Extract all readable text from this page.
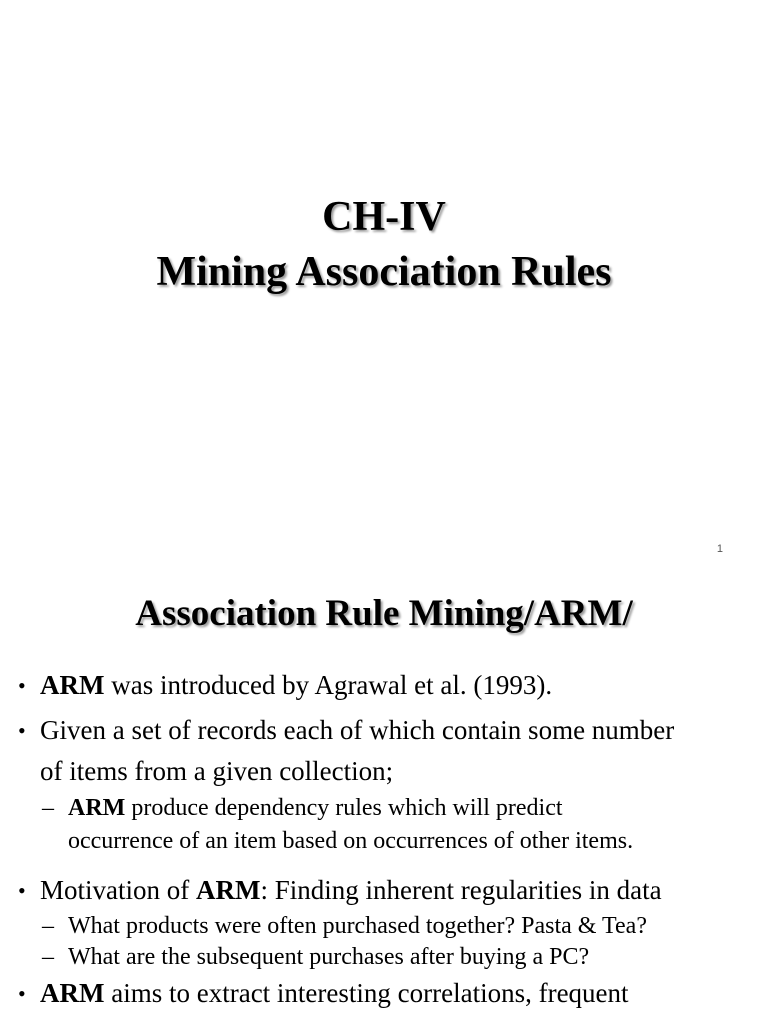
CH-IV
Mining Association Rules
1
Association Rule Mining/ARM/
• ARM was introduced by Agrawal et al. (1993).
• Given a set of records each of which contain some number
of items from a given collection;
– ARM produce dependency rules which will predict
occurrence of an item based on occurrences of other items.
• Motivation of ARM: Finding inherent regularities in data
– What products were often purchased together? Pasta & Tea?
– What are the subsequent purchases after buying a PC?
• ARM aims to extract interesting correlations, frequent
